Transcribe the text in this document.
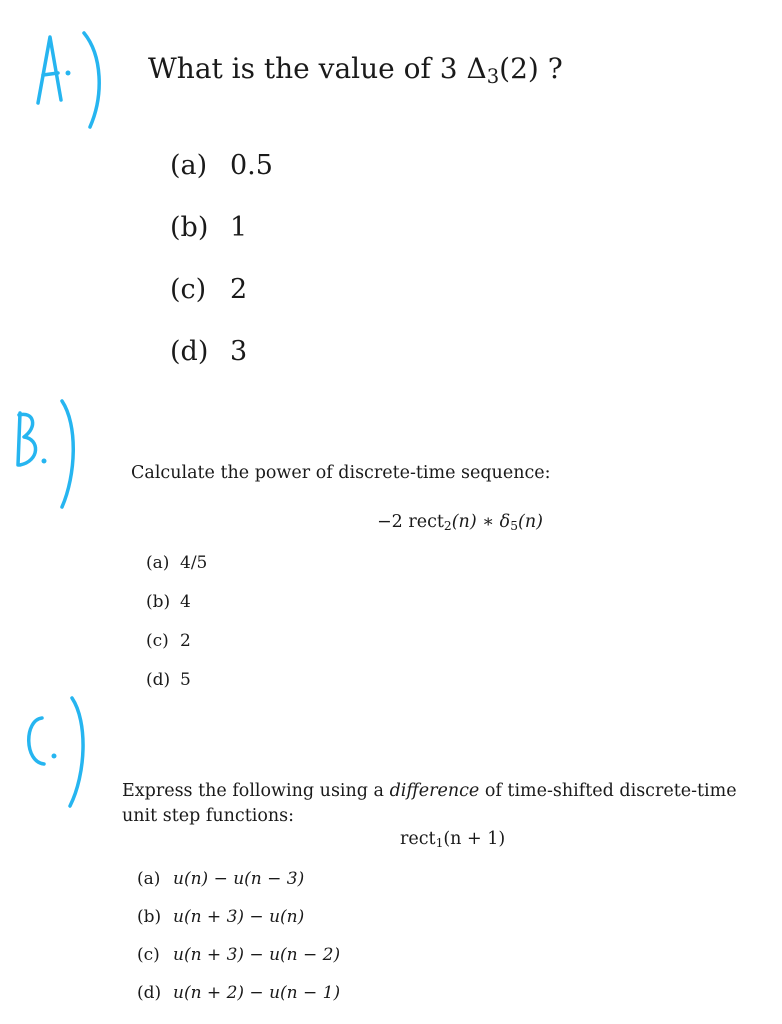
What is the value of 3 $\Delta_3(2)$ ?
(a) 0.5
(b) 1
(c) 2
(d) 3
Calculate the power of discrete-time sequence:
−2 rect$_2$(n) ∗ $\delta_5(n)$
(a) 4/5
(b) 4
(c) 2
(d) 5
Express the following using a difference of time-shifted discrete-time unit step functions:
rect$_1$(n + 1)
(a) u(n) − u(n − 3)
(b) u(n + 3) − u(n)
(c) u(n + 3) − u(n − 2)
(d) u(n + 2) − u(n − 1)
